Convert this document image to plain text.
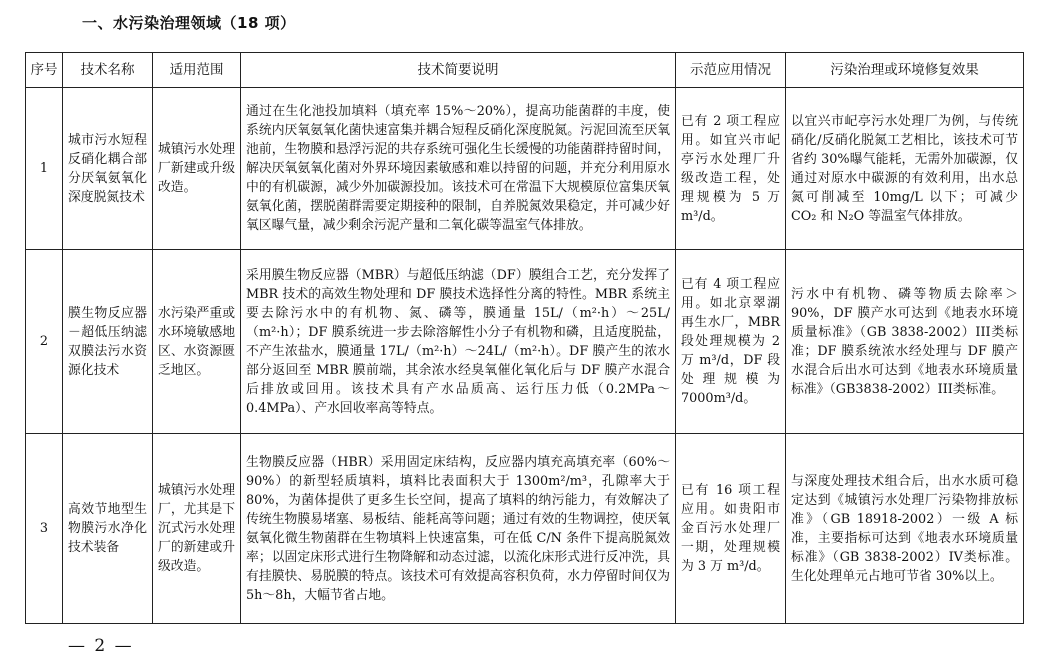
一、水污染治理领域（18 项）
序号	技术名称	适用范围	技术简要说明	示范应用情况	污染治理或环境修复效果
1	城市污水短程反硝化耦合部分厌氧氨氧化深度脱氮技术	城镇污水处理厂新建或升级改造。	通过在生化池投加填料（填充率 15%～20%），提高功能菌群的丰度，使系统内厌氧氨氧化菌快速富集并耦合短程反硝化深度脱氮。污泥回流至厌氧池前，生物膜和悬浮污泥的共存系统可强化生长缓慢的功能菌群持留时间，解决厌氧氨氧化菌对外界环境因素敏感和难以持留的问题，并充分利用原水中的有机碳源，减少外加碳源投加。该技术可在常温下大规模原位富集厌氧氨氧化菌，摆脱菌群需要定期接种的限制，自养脱氮效果稳定，并可减少好氧区曝气量，减少剩余污泥产量和二氧化碳等温室气体排放。	已有 2 项工程应用。如宜兴市屺亭污水处理厂升级改造工程，处理规模为 5 万 m³/d。	以宜兴市屺亭污水处理厂为例，与传统硝化/反硝化脱氮工艺相比，该技术可节省约 30%曝气能耗，无需外加碳源，仅通过对原水中碳源的有效利用，出水总氮可削减至 10mg/L 以下；可减少 CO₂ 和 N₂O 等温室气体排放。
2	膜生物反应器－超低压纳滤双膜法污水资源化技术	水污染严重或水环境敏感地区、水资源匮乏地区。	采用膜生物反应器（MBR）与超低压纳滤（DF）膜组合工艺，充分发挥了 MBR 技术的高效生物处理和 DF 膜技术选择性分离的特性。MBR 系统主要去除污水中的有机物、氮、磷等，膜通量 15L/（m²·h）～25L/（m²·h）；DF 膜系统进一步去除溶解性小分子有机物和磷，且适度脱盐，不产生浓盐水，膜通量 17L/（m²·h）～24L/（m²·h）。DF 膜产生的浓水部分返回至 MBR 膜前端，其余浓水经臭氧催化氧化后与 DF 膜产水混合后排放或回用。该技术具有产水品质高、运行压力低（0.2MPa～0.4MPa）、产水回收率高等特点。	已有 4 项工程应用。如北京翠湖再生水厂，MBR 段处理规模为 2 万 m³/d，DF 段处理规模为 7000m³/d。	污水中有机物、磷等物质去除率＞90%，DF 膜产水可达到《地表水环境质量标准》（GB 3838-2002）III类标准；DF 膜系统浓水经处理与 DF 膜产水混合后出水可达到《地表水环境质量标准》（GB3838-2002）III类标准。
3	高效节地型生物膜污水净化技术装备	城镇污水处理厂，尤其是下沉式污水处理厂的新建或升级改造。	生物膜反应器（HBR）采用固定床结构，反应器内填充高填充率（60%～90%）的新型轻质填料，填料比表面积大于 1300m²/m³，孔隙率大于 80%，为菌体提供了更多生长空间，提高了填料的纳污能力，有效解决了传统生物膜易堵塞、易板结、能耗高等问题；通过有效的生物调控，使厌氧氨氧化微生物菌群在生物填料上快速富集，可在低 C/N 条件下提高脱氮效率；以固定床形式进行生物降解和动态过滤，以流化床形式进行反冲洗，具有挂膜快、易脱膜的特点。该技术可有效提高容积负荷，水力停留时间仅为 5h～8h，大幅节省占地。	已有 16 项工程应用。如贵阳市金百污水处理厂一期，处理规模为 3 万 m³/d。	与深度处理技术组合后，出水水质可稳定达到《城镇污水处理厂污染物排放标准》（GB 18918-2002）一级 A 标准，主要指标可达到《地表水环境质量标准》（GB 3838-2002）IV类标准。生化处理单元占地可节省 30%以上。
— 2 —
